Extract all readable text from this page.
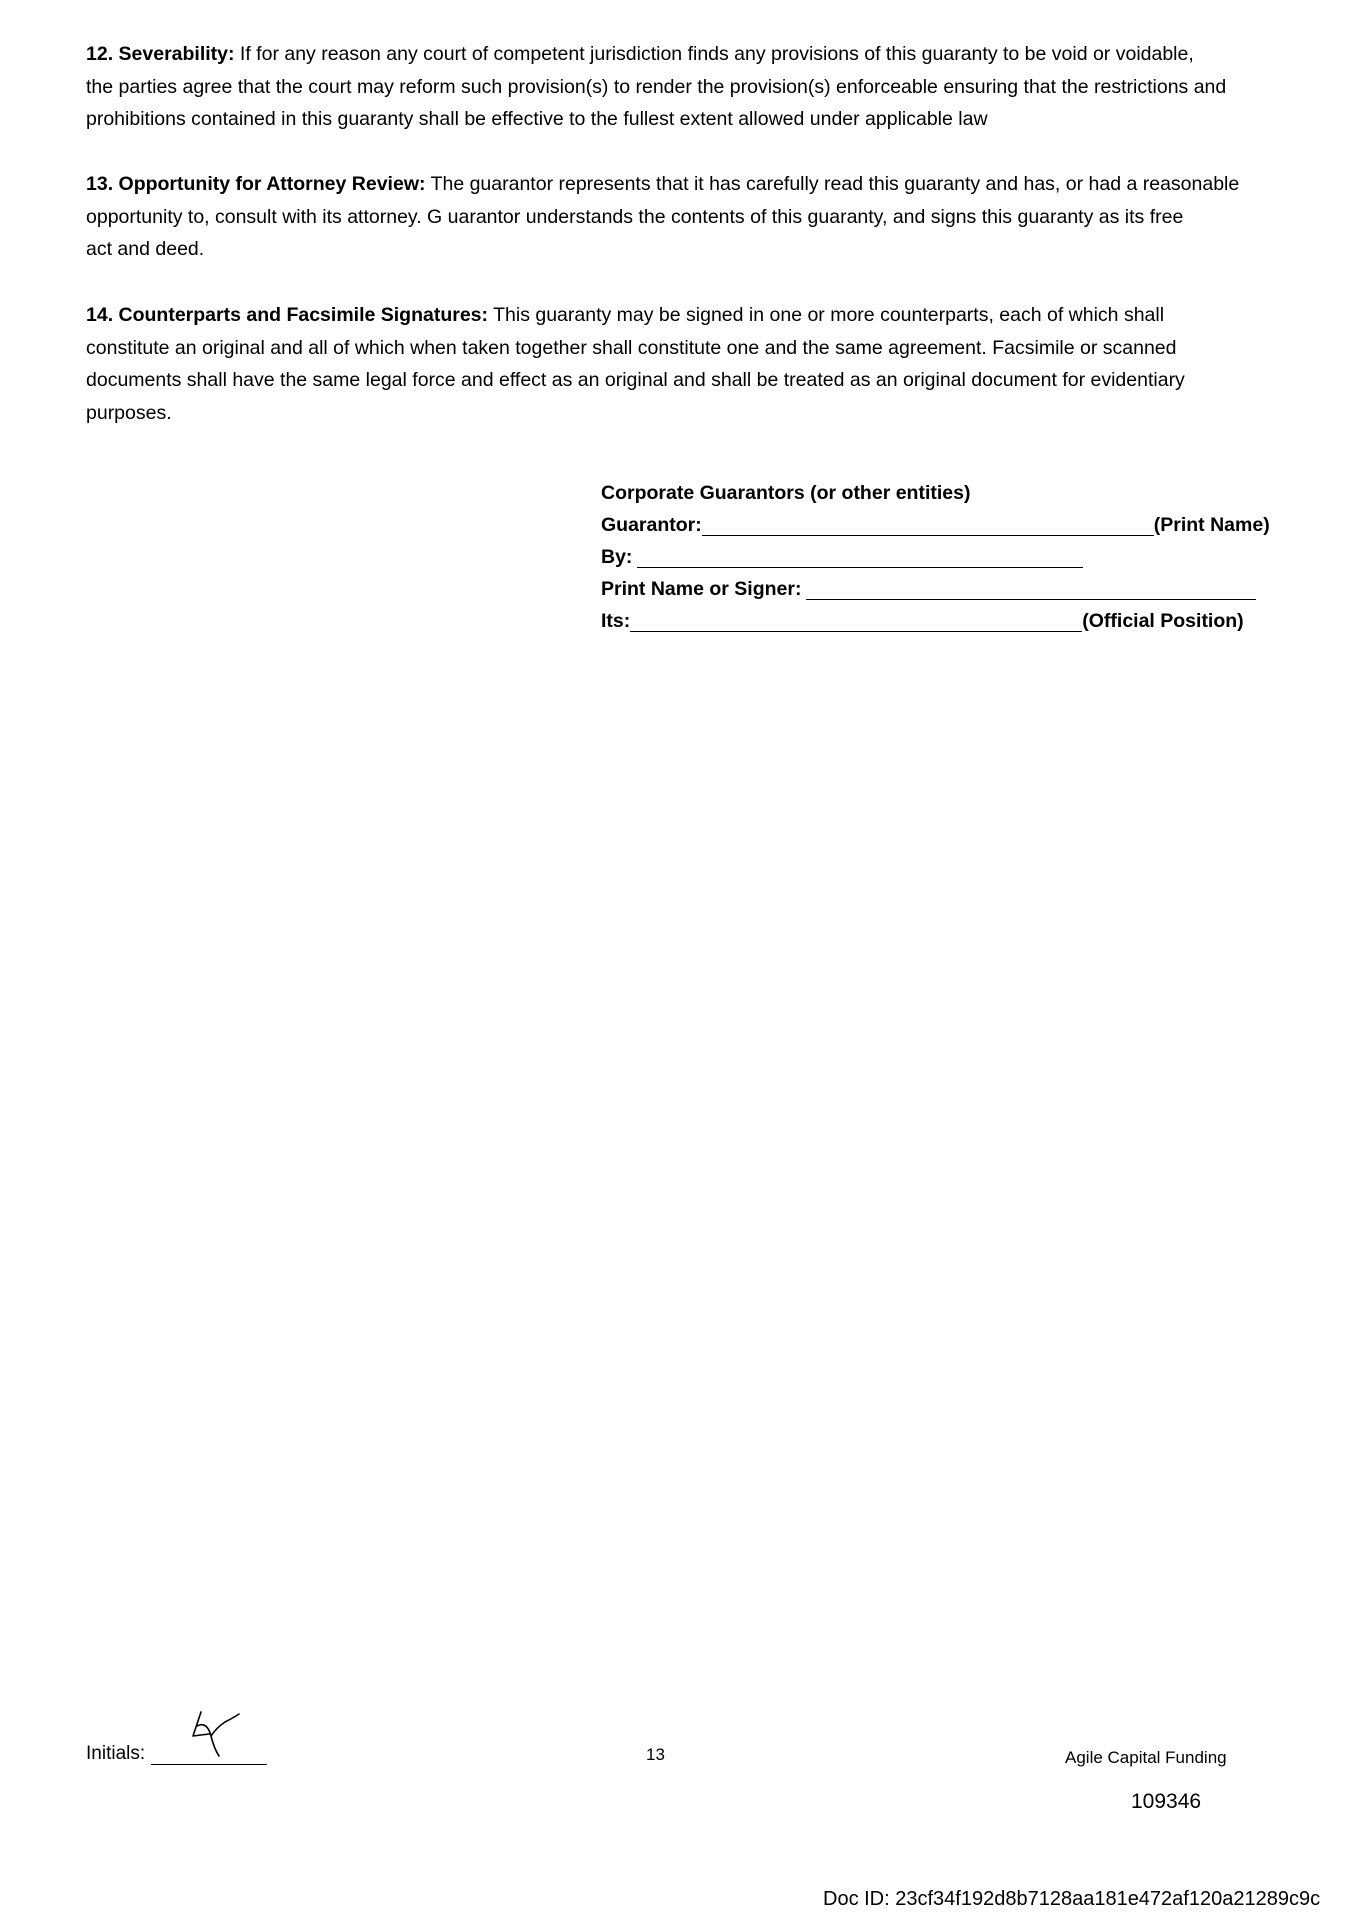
12. Severability: If for any reason any court of competent jurisdiction finds any provisions of this guaranty to be void or voidable,
the parties agree that the court may reform such provision(s) to render the provision(s) enforceable ensuring that the restrictions and
prohibitions contained in this guaranty shall be effective to the fullest extent allowed under applicable law

13. Opportunity for Attorney Review: The guarantor represents that it has carefully read this guaranty and has, or had a reasonable
opportunity to, consult with its attorney. G uarantor understands the contents of this guaranty, and signs this guaranty as its free
act and deed.

14. Counterparts and Facsimile Signatures: This guaranty may be signed in one or more counterparts, each of which shall
constitute an original and all of which when taken together shall constitute one and the same agreement. Facsimile or scanned
documents shall have the same legal force and effect as an original and shall be treated as an original document for evidentiary
purposes.

Corporate Guarantors (or other entities)
Guarantor:	(Print Name)
By:
Print Name or Signer:
Its:	(Official Position)
Initials:	13	Agile Capital Funding
109346
Doc ID: 23cf34f192d8b7128aa181e472af120a21289c9c
